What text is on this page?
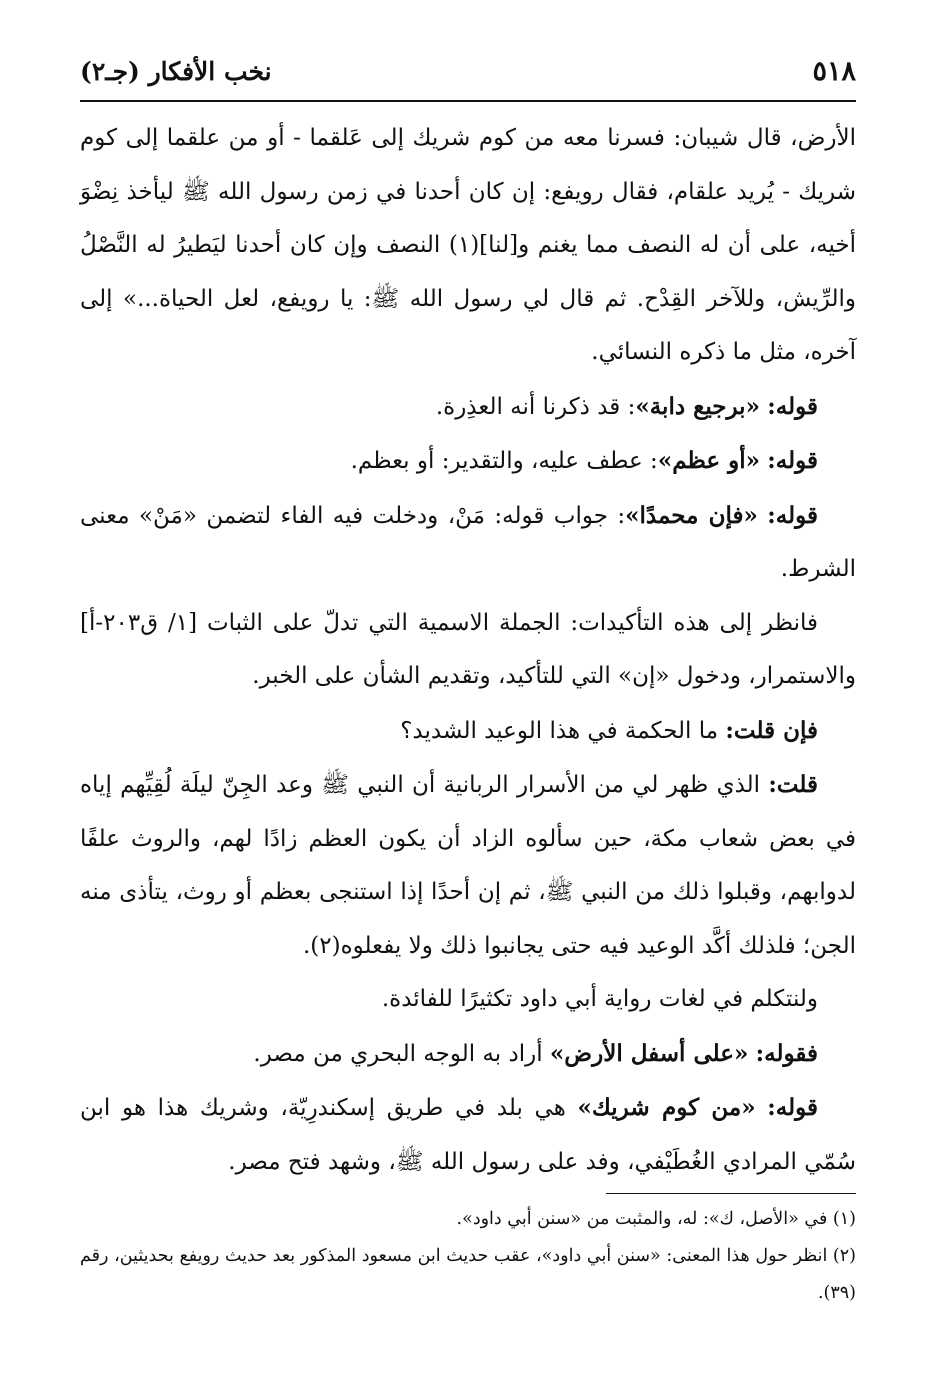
٥١٨
نخب الأفكار (جـ٢)

الأرض، قال شيبان: فسرنا معه من كوم شريك إلى عَلقما - أو من علقما إلى كوم شريك - يُريد علقام، فقال رويفع: إن كان أحدنا في زمن رسول الله ﷺ ليأخذ نِضْوَ أخيه، على أن له النصف مما يغنم و[لنا](١) النصف وإن كان أحدنا ليَطيرُ له النَّصْلُ والرِّيش، وللآخر القِدْح. ثم قال لي رسول الله ﷺ: يا رويفع، لعل الحياة...» إلى آخره، مثل ما ذكره النسائي.

قوله: «برجيع دابة»: قد ذكرنا أنه العذِرة.

قوله: «أو عظم»: عطف عليه، والتقدير: أو بعظم.

قوله: «فإن محمدًا»: جواب قوله: مَنْ، ودخلت فيه الفاء لتضمن «مَنْ» معنى الشرط.

فانظر إلى هذه التأكيدات: الجملة الاسمية التي تدلّ على الثبات [١/ ق٢٠٣-أ] والاستمرار، ودخول «إن» التي للتأكيد، وتقديم الشأن على الخبر.

فإن قلت: ما الحكمة في هذا الوعيد الشديد؟

قلت: الذي ظهر لي من الأسرار الربانية أن النبي ﷺ وعد الجِنّ ليلَة لُقِيِّهم إياه في بعض شعاب مكة، حين سألوه الزاد أن يكون العظم زادًا لهم، والروث علفًا لدوابهم، وقبلوا ذلك من النبي ﷺ، ثم إن أحدًا إذا استنجى بعظم أو روث، يتأذى منه الجن؛ فلذلك أكَّد الوعيد فيه حتى يجانبوا ذلك ولا يفعلوه(٢).

ولنتكلم في لغات رواية أبي داود تكثيرًا للفائدة.

فقوله: «على أسفل الأرض» أراد به الوجه البحري من مصر.

قوله: «من كوم شريك» هي بلد في طريق إسكندرِيّة، وشريك هذا هو ابن سُمّي المرادي الغُطَيْفي، وفد على رسول الله ﷺ، وشهد فتح مصر.

(١) في «الأصل، ك»: له، والمثبت من «سنن أبي داود».

(٢) انظر حول هذا المعنى: «سنن أبي داود»، عقب حديث ابن مسعود المذكور بعد حديث رويفع بحديثين، رقم (٣٩).
